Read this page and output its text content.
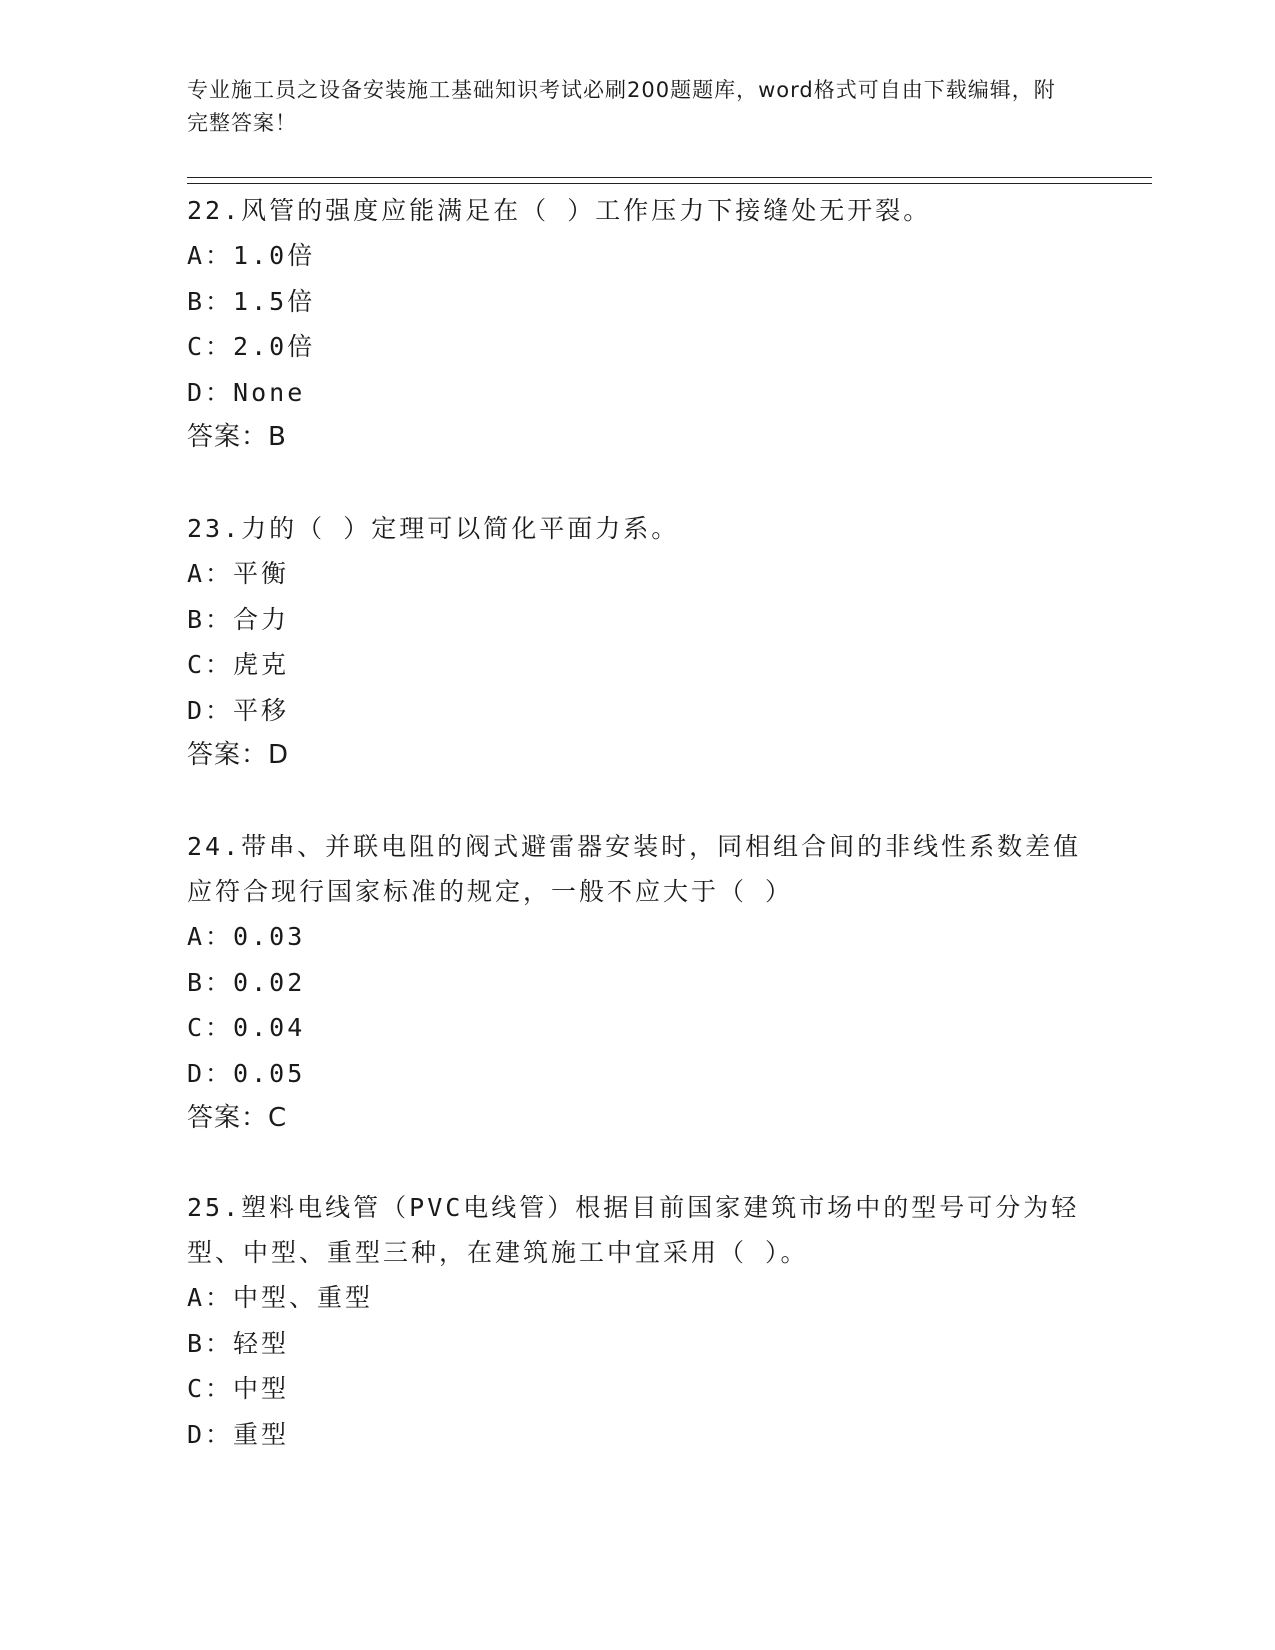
专业施工员之设备安装施工基础知识考试必刷200题题库，word格式可自由下载编辑，附完整答案！

22.风管的强度应能满足在（ ）工作压力下接缝处无开裂。

A：1.0倍

B：1.5倍

C：2.0倍

D：None

答案：B

23.力的（ ）定理可以简化平面力系。

A：平衡

B：合力

C：虎克

D：平移

答案：D

24.带串、并联电阻的阀式避雷器安装时，同相组合间的非线性系数差值应符合现行国家标准的规定，一般不应大于（ ）

A：0.03

B：0.02

C：0.04

D：0.05

答案：C

25.塑料电线管（PVC电线管）根据目前国家建筑市场中的型号可分为轻型、中型、重型三种，在建筑施工中宜采用（ ）。

A：中型、重型

B：轻型

C：中型

D：重型
